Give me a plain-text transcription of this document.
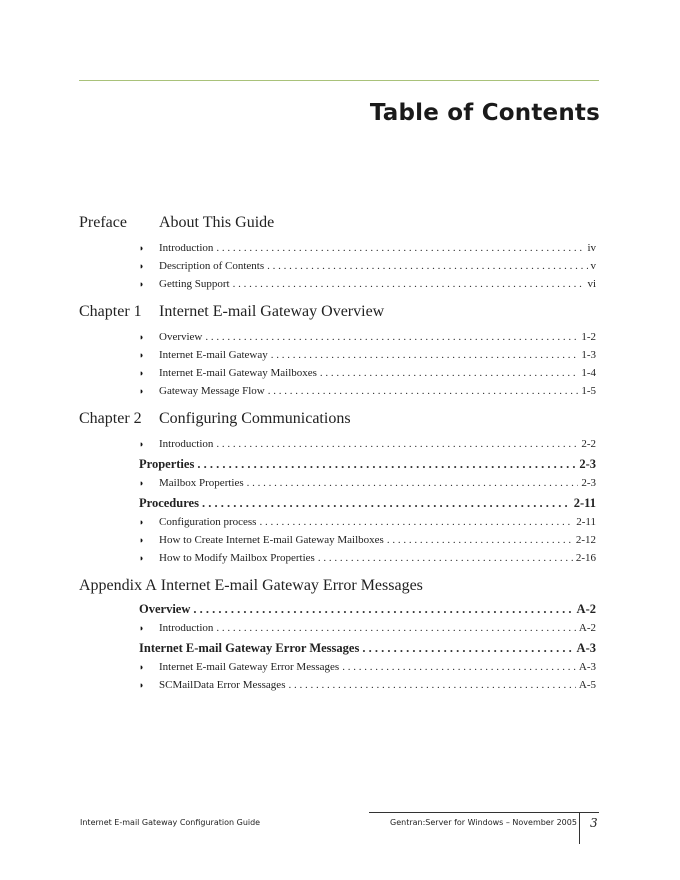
Table of Contents
Preface About This Guide
◗	Introduction . . .	iv
◗	Description of Contents . . .	v
◗	Getting Support . . .	vi
Chapter 1 Internet E-mail Gateway Overview
◗	Overview . . .	1-2
◗	Internet E-mail Gateway . . .	1-3
◗	Internet E-mail Gateway Mailboxes . . .	1-4
◗	Gateway Message Flow . . .	1-5
Chapter 2 Configuring Communications
◗	Introduction . . .	2-2
Properties . . .	2-3
◗	Mailbox Properties . . .	2-3
Procedures . . .	2-11
◗	Configuration process . . .	2-11
◗	How to Create Internet E-mail Gateway Mailboxes . . .	2-12
◗	How to Modify Mailbox Properties . . .	2-16
Appendix A Internet E-mail Gateway Error Messages
Overview . . .	A-2
◗	Introduction . . .	A-2
Internet E-mail Gateway Error Messages . . .	A-3
◗	Internet E-mail Gateway Error Messages . . .	A-3
◗	SCMailData Error Messages . . .	A-5
Internet E-mail Gateway Configuration Guide	Gentran:Server for Windows – November 2005 3
